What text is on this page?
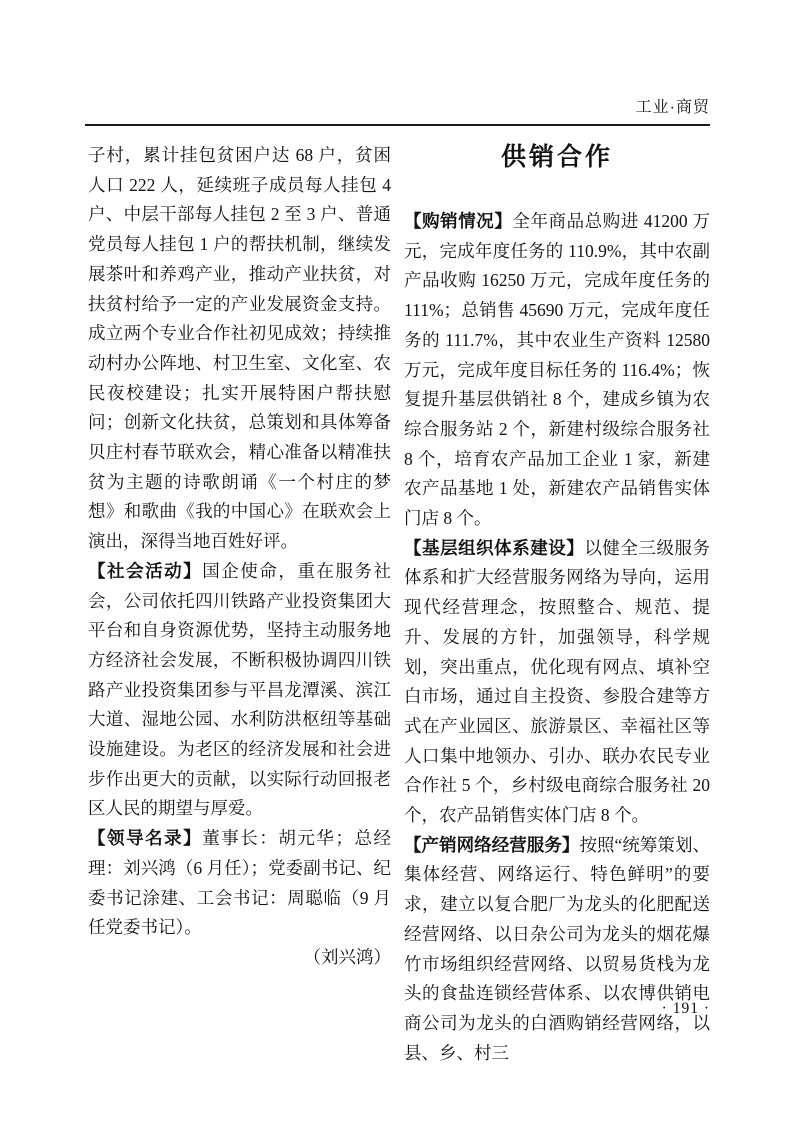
工业·商贸

子村，累计挂包贫困户达 68 户，贫困人口 222 人，延续班子成员每人挂包 4 户、中层干部每人挂包 2 至 3 户、普通党员每人挂包 1 户的帮扶机制，继续发展茶叶和养鸡产业，推动产业扶贫，对扶贫村给予一定的产业发展资金支持。成立两个专业合作社初见成效；持续推动村办公阵地、村卫生室、文化室、农民夜校建设；扎实开展特困户帮扶慰问；创新文化扶贫，总策划和具体筹备贝庄村春节联欢会，精心准备以精准扶贫为主题的诗歌朗诵《一个村庄的梦想》和歌曲《我的中国心》在联欢会上演出，深得当地百姓好评。

【社会活动】国企使命，重在服务社会，公司依托四川铁路产业投资集团大平台和自身资源优势，坚持主动服务地方经济社会发展，不断积极协调四川铁路产业投资集团参与平昌龙潭溪、滨江大道、湿地公园、水利防洪枢纽等基础设施建设。为老区的经济发展和社会进步作出更大的贡献，以实际行动回报老区人民的期望与厚爱。

【领导名录】董事长：胡元华；总经理：刘兴鸿（6 月任）；党委副书记、纪委书记涂建、工会书记：周聪临（9 月任党委书记）。

（刘兴鸿）

供销合作

【购销情况】全年商品总购进 41200 万元，完成年度任务的 110.9%，其中农副产品收购 16250 万元，完成年度任务的 111%；总销售 45690 万元，完成年度任务的 111.7%，其中农业生产资料 12580 万元，完成年度目标任务的 116.4%；恢复提升基层供销社 8 个，建成乡镇为农综合服务站 2 个，新建村级综合服务社 8 个，培育农产品加工企业 1 家，新建农产品基地 1 处，新建农产品销售实体门店 8 个。

【基层组织体系建设】以健全三级服务体系和扩大经营服务网络为导向，运用现代经营理念，按照整合、规范、提升、发展的方针，加强领导，科学规划，突出重点，优化现有网点、填补空白市场，通过自主投资、参股合建等方式在产业园区、旅游景区、幸福社区等人口集中地领办、引办、联办农民专业合作社 5 个，乡村级电商综合服务社 20 个，农产品销售实体门店 8 个。

【产销网络经营服务】按照“统筹策划、集体经营、网络运行、特色鲜明”的要求，建立以复合肥厂为龙头的化肥配送经营网络、以日杂公司为龙头的烟花爆竹市场组织经营网络、以贸易货栈为龙头的食盐连锁经营体系、以农博供销电商公司为龙头的白酒购销经营网络，以县、乡、村三

· 191 ·
